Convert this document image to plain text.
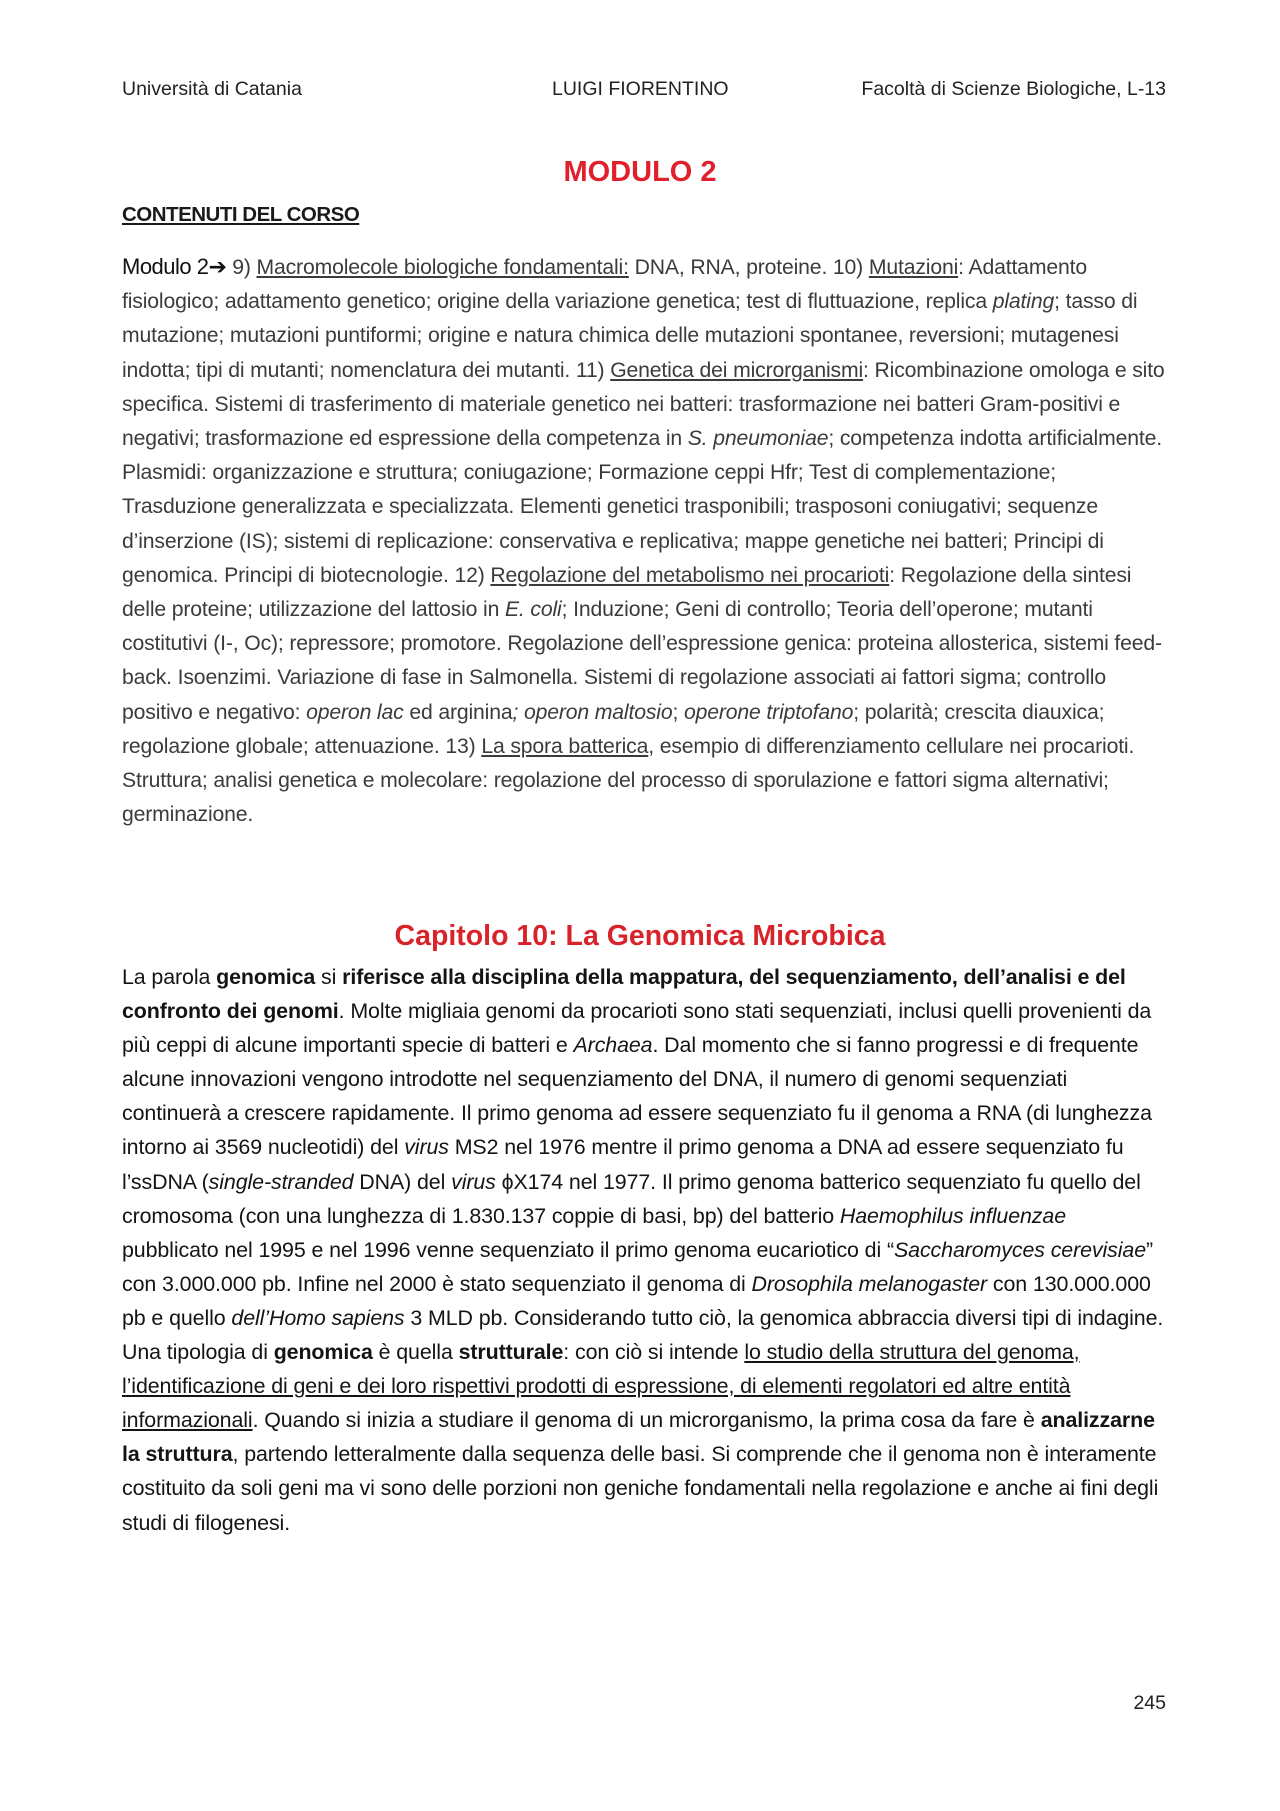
Università di Catania	LUIGI FIORENTINO	Facoltà di Scienze Biologiche, L-13
MODULO 2
CONTENUTI DEL CORSO

Modulo 2➔ 9) Macromolecole biologiche fondamentali: DNA, RNA, proteine. 10) Mutazioni: Adattamento fisiologico; adattamento genetico; origine della variazione genetica; test di fluttuazione, replica plating; tasso di mutazione; mutazioni puntiformi; origine e natura chimica delle mutazioni spontanee, reversioni; mutagenesi indotta; tipi di mutanti; nomenclatura dei mutanti. 11) Genetica dei microrganismi: Ricombinazione omologa e sito specifica. Sistemi di trasferimento di materiale genetico nei batteri: trasformazione nei batteri Gram-positivi e negativi; trasformazione ed espressione della competenza in S. pneumoniae; competenza indotta artificialmente. Plasmidi: organizzazione e struttura; coniugazione; Formazione ceppi Hfr; Test di complementazione; Trasduzione generalizzata e specializzata. Elementi genetici trasponibili; trasposoni coniugativi; sequenze d’inserzione (IS); sistemi di replicazione: conservativa e replicativa; mappe genetiche nei batteri; Principi di genomica. Principi di biotecnologie. 12) Regolazione del metabolismo nei procarioti: Regolazione della sintesi delle proteine; utilizzazione del lattosio in E. coli; Induzione; Geni di controllo; Teoria dell’operone; mutanti costitutivi (I-, Oc); repressore; promotore. Regolazione dell’espressione genica: proteina allosterica, sistemi feed-back. Isoenzimi. Variazione di fase in Salmonella. Sistemi di regolazione associati ai fattori sigma; controllo positivo e negativo: operon lac ed arginina; operon maltosio; operone triptofano; polarità; crescita diauxica; regolazione globale; attenuazione. 13) La spora batterica, esempio di differenziamento cellulare nei procarioti. Struttura; analisi genetica e molecolare: regolazione del processo di sporulazione e fattori sigma alternativi; germinazione.

Capitolo 10: La Genomica Microbica

La parola genomica si riferisce alla disciplina della mappatura, del sequenziamento, dell’analisi e del confronto dei genomi. Molte migliaia genomi da procarioti sono stati sequenziati, inclusi quelli provenienti da più ceppi di alcune importanti specie di batteri e Archaea. Dal momento che si fanno progressi e di frequente alcune innovazioni vengono introdotte nel sequenziamento del DNA, il numero di genomi sequenziati continuerà a crescere rapidamente. Il primo genoma ad essere sequenziato fu il genoma a RNA (di lunghezza intorno ai 3569 nucleotidi) del virus MS2 nel 1976 mentre il primo genoma a DNA ad essere sequenziato fu l’ssDNA (single-stranded DNA) del virus ϕX174 nel 1977. Il primo genoma batterico sequenziato fu quello del cromosoma (con una lunghezza di 1.830.137 coppie di basi, bp) del batterio Haemophilus influenzae pubblicato nel 1995 e nel 1996 venne sequenziato il primo genoma eucariotico di “Saccharomyces cerevisiae” con 3.000.000 pb. Infine nel 2000 è stato sequenziato il genoma di Drosophila melanogaster con 130.000.000 pb e quello dell’Homo sapiens 3 MLD pb. Considerando tutto ciò, la genomica abbraccia diversi tipi di indagine.

Una tipologia di genomica è quella strutturale: con ciò si intende lo studio della struttura del genoma, l’identificazione di geni e dei loro rispettivi prodotti di espressione, di elementi regolatori ed altre entità informazionali. Quando si inizia a studiare il genoma di un microrganismo, la prima cosa da fare è analizzarne la struttura, partendo letteralmente dalla sequenza delle basi. Si comprende che il genoma non è interamente costituito da soli geni ma vi sono delle porzioni non geniche fondamentali nella regolazione e anche ai fini degli studi di filogenesi.

245
